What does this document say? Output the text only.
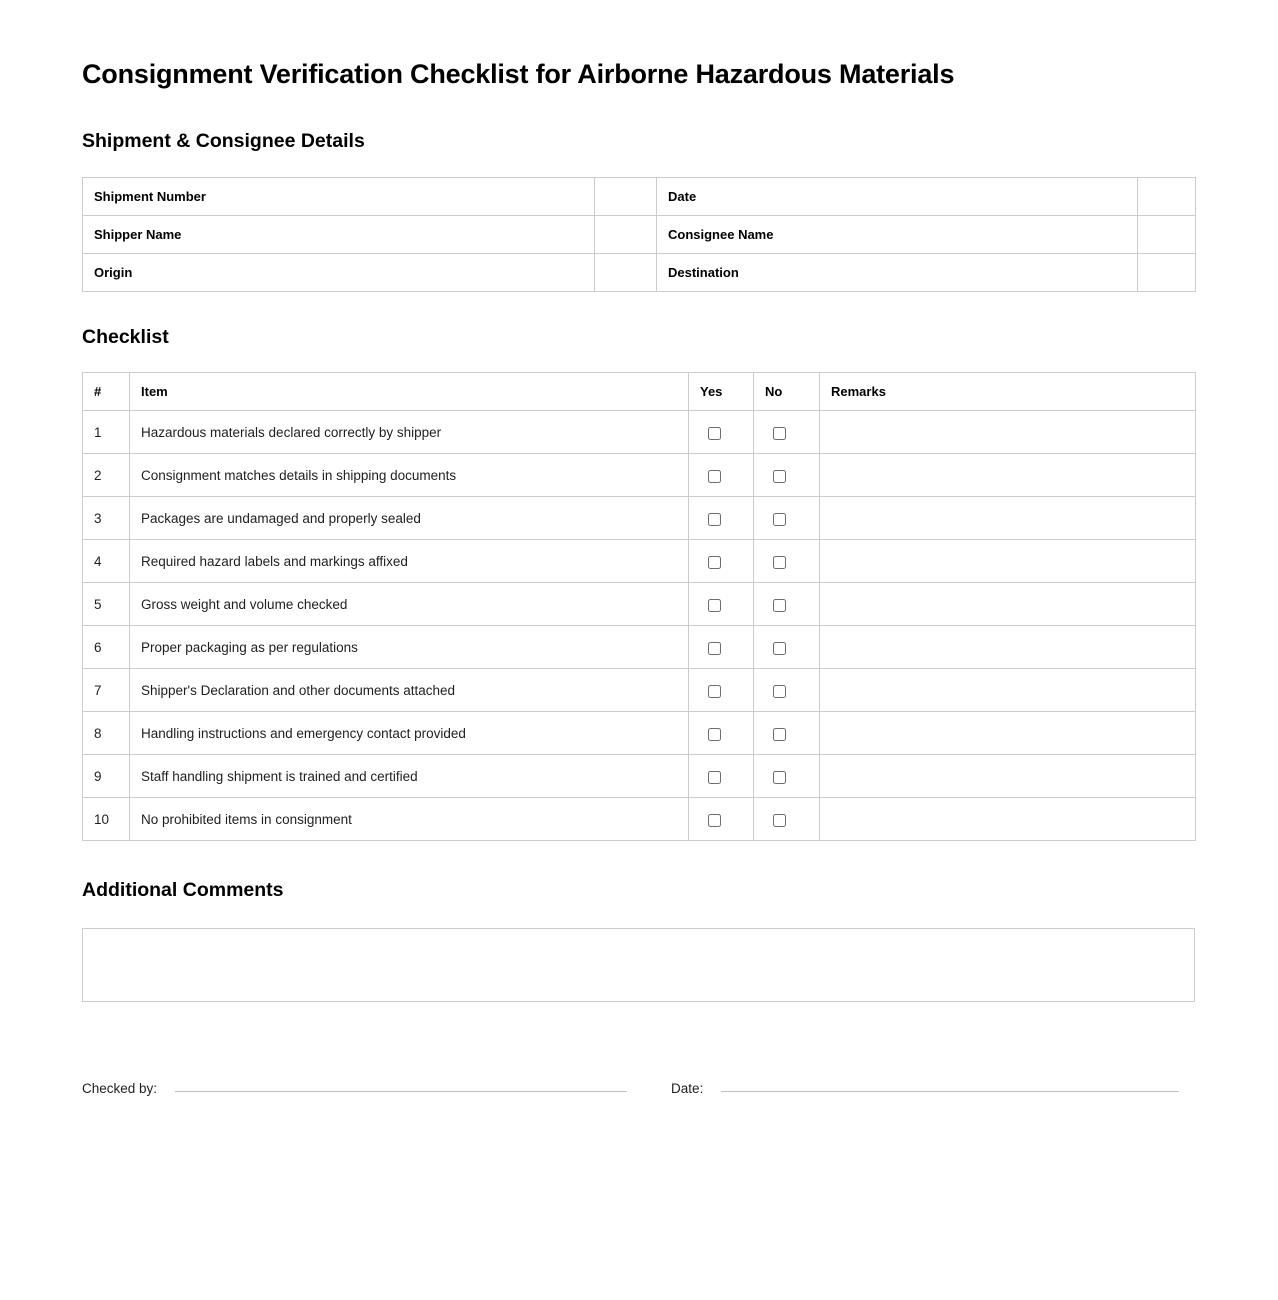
Consignment Verification Checklist for Airborne Hazardous Materials
Shipment & Consignee Details
Shipment Number		Date	
Shipper Name		Consignee Name	
Origin		Destination	
Checklist
#	Item	Yes	No	Remarks
1	Hazardous materials declared correctly by shipper			
2	Consignment matches details in shipping documents			
3	Packages are undamaged and properly sealed			
4	Required hazard labels and markings affixed			
5	Gross weight and volume checked			
6	Proper packaging as per regulations			
7	Shipper's Declaration and other documents attached			
8	Handling instructions and emergency contact provided			
9	Staff handling shipment is trained and certified			
10	No prohibited items in consignment			
Additional Comments
Checked by:	Date:
